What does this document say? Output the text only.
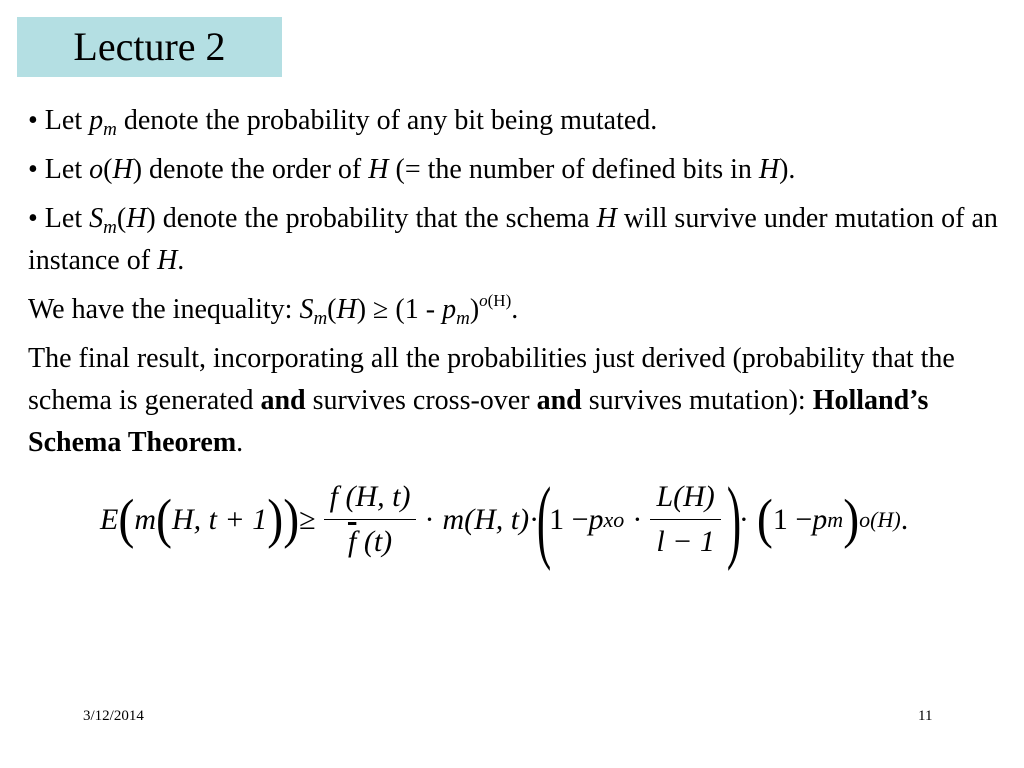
Lecture 2

• Let $p_m$ denote the probability of any bit being mutated.

• Let o(H) denote the order of H (= the number of defined bits in H).

• Let $S_m(H)$ denote the probability that the schema H will survive under mutation of an instance of H.

We have the inequality: $S_m(H) \ge (1 - p_m)^{o(H)}$.

The final result, incorporating all the probabilities just derived (probability that the schema is generated and survives cross-over and survives mutation): Holland’s Schema Theorem.

E ( m ( H, t + 1 )) ≥ $\frac{f (H, t)}{\overline{f} (t)} \cdot m(H$, t) ·
(
1 − p xo · $\frac{L(H)}{l - 1}$ )
· ( 1 − p m ) o(H) .
3/12/2014	11
